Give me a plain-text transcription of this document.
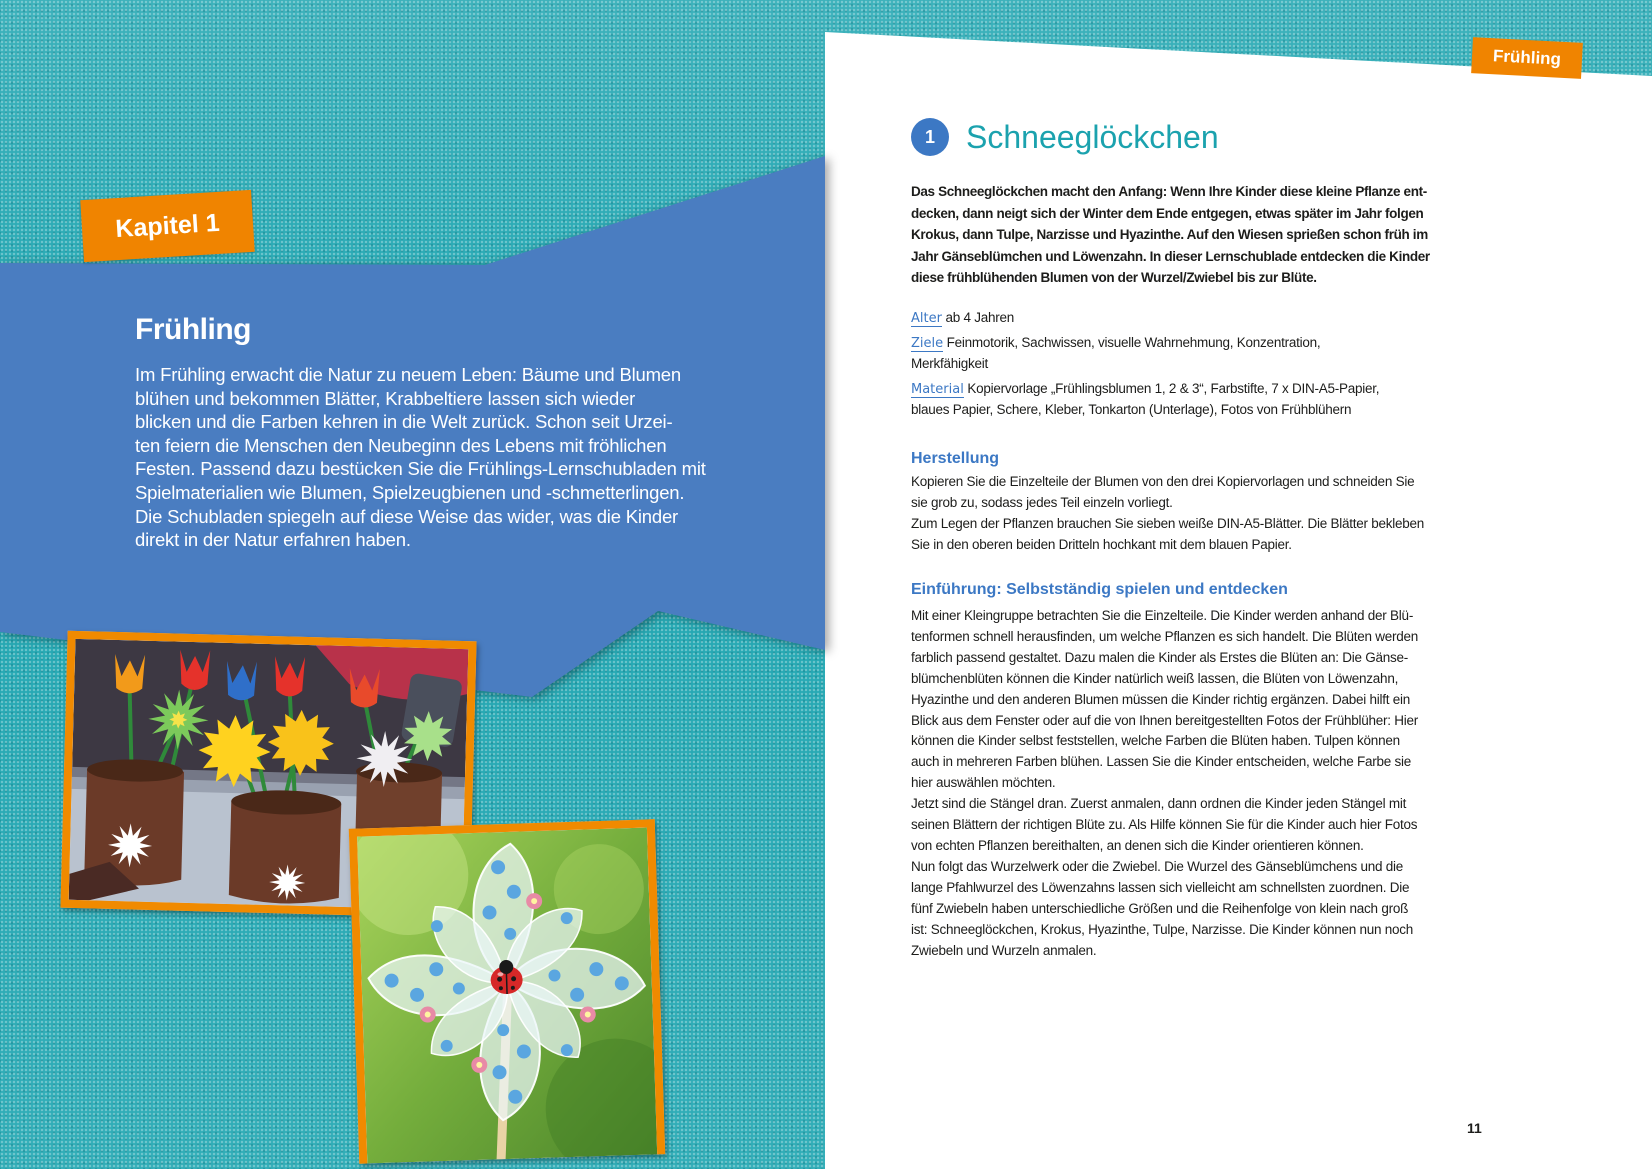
Kapitel 1
Frühling
Im Frühling erwacht die Natur zu neuem Leben: Bäume und Blumen
blühen und bekommen Blätter, Krabbeltiere lassen sich wieder
blicken und die Farben kehren in die Welt zurück. Schon seit Urzei-
ten feiern die Menschen den Neubeginn des Lebens mit fröhlichen
Festen. Passend dazu bestücken Sie die Frühlings-Lernschubladen mit
Spielmaterialien wie Blumen, Spielzeugbienen und -schmetterlingen.
Die Schubladen spiegeln auf diese Weise das wider, was die Kinder
direkt in der Natur erfahren haben.
Frühling
1 Schneeglöckchen
Das Schneeglöckchen macht den Anfang: Wenn Ihre Kinder diese kleine Pflanze ent-
decken, dann neigt sich der Winter dem Ende entgegen, etwas später im Jahr folgen
Krokus, dann Tulpe, Narzisse und Hyazinthe. Auf den Wiesen sprießen schon früh im
Jahr Gänseblümchen und Löwenzahn. In dieser Lernschublade entdecken die Kinder
diese frühblühenden Blumen von der Wurzel/Zwiebel bis zur Blüte.
Alter ab 4 Jahren
Ziele Feinmotorik, Sachwissen, visuelle Wahrnehmung, Konzentration,
Merkfähigkeit
Material Kopiervorlage „Frühlingsblumen 1, 2 & 3“, Farbstifte, 7 x DIN-A5-Papier,
blaues Papier, Schere, Kleber, Tonkarton (Unterlage), Fotos von Frühblühern
Herstellung
Kopieren Sie die Einzelteile der Blumen von den drei Kopiervorlagen und schneiden Sie
sie grob zu, sodass jedes Teil einzeln vorliegt.
Zum Legen der Pflanzen brauchen Sie sieben weiße DIN-A5-Blätter. Die Blätter bekleben
Sie in den oberen beiden Dritteln hochkant mit dem blauen Papier.
Einführung: Selbstständig spielen und entdecken
Mit einer Kleingruppe betrachten Sie die Einzelteile. Die Kinder werden anhand der Blü-
tenformen schnell herausfinden, um welche Pflanzen es sich handelt. Die Blüten werden
farblich passend gestaltet. Dazu malen die Kinder als Erstes die Blüten an: Die Gänse-
blümchenblüten können die Kinder natürlich weiß lassen, die Blüten von Löwenzahn,
Hyazinthe und den anderen Blumen müssen die Kinder richtig ergänzen. Dabei hilft ein
Blick aus dem Fenster oder auf die von Ihnen bereitgestellten Fotos der Frühblüher: Hier
können die Kinder selbst feststellen, welche Farben die Blüten haben. Tulpen können
auch in mehreren Farben blühen. Lassen Sie die Kinder entscheiden, welche Farbe sie
hier auswählen möchten.
Jetzt sind die Stängel dran. Zuerst anmalen, dann ordnen die Kinder jeden Stängel mit
seinen Blättern der richtigen Blüte zu. Als Hilfe können Sie für die Kinder auch hier Fotos
von echten Pflanzen bereithalten, an denen sich die Kinder orientieren können.
Nun folgt das Wurzelwerk oder die Zwiebel. Die Wurzel des Gänseblümchens und die
lange Pfahlwurzel des Löwenzahns lassen sich vielleicht am schnellsten zuordnen. Die
fünf Zwiebeln haben unterschiedliche Größen und die Reihenfolge von klein nach groß
ist: Schneeglöckchen, Krokus, Hyazinthe, Tulpe, Narzisse. Die Kinder können nun noch
Zwiebeln und Wurzeln anmalen.
11
